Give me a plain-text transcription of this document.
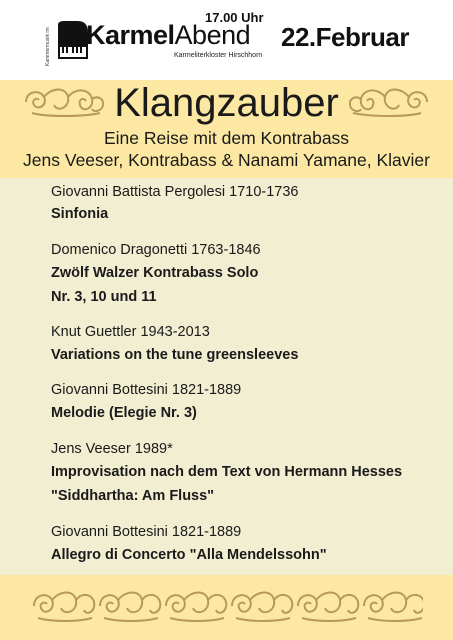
Kammermusik im KarmelAbend
Karmeliterkloster Hirschhorn
17.00 Uhr
22.Februar
Klangzauber
Eine Reise mit dem Kontrabass
Jens Veeser, Kontrabass & Nanami Yamane, Klavier
Giovanni Battista Pergolesi 1710-1736
Sinfonia
Domenico Dragonetti 1763-1846
Zwölf Walzer Kontrabass Solo
Nr. 3, 10 und 11
Knut Guettler 1943-2013
Variations on the tune greensleeves
Giovanni Bottesini 1821-1889
Melodie (Elegie Nr. 3)
Jens Veeser 1989*
Improvisation nach dem Text von Hermann Hesses
"Siddhartha: Am Fluss"
Giovanni Bottesini 1821-1889
Allegro di Concerto "Alla Mendelssohn"
